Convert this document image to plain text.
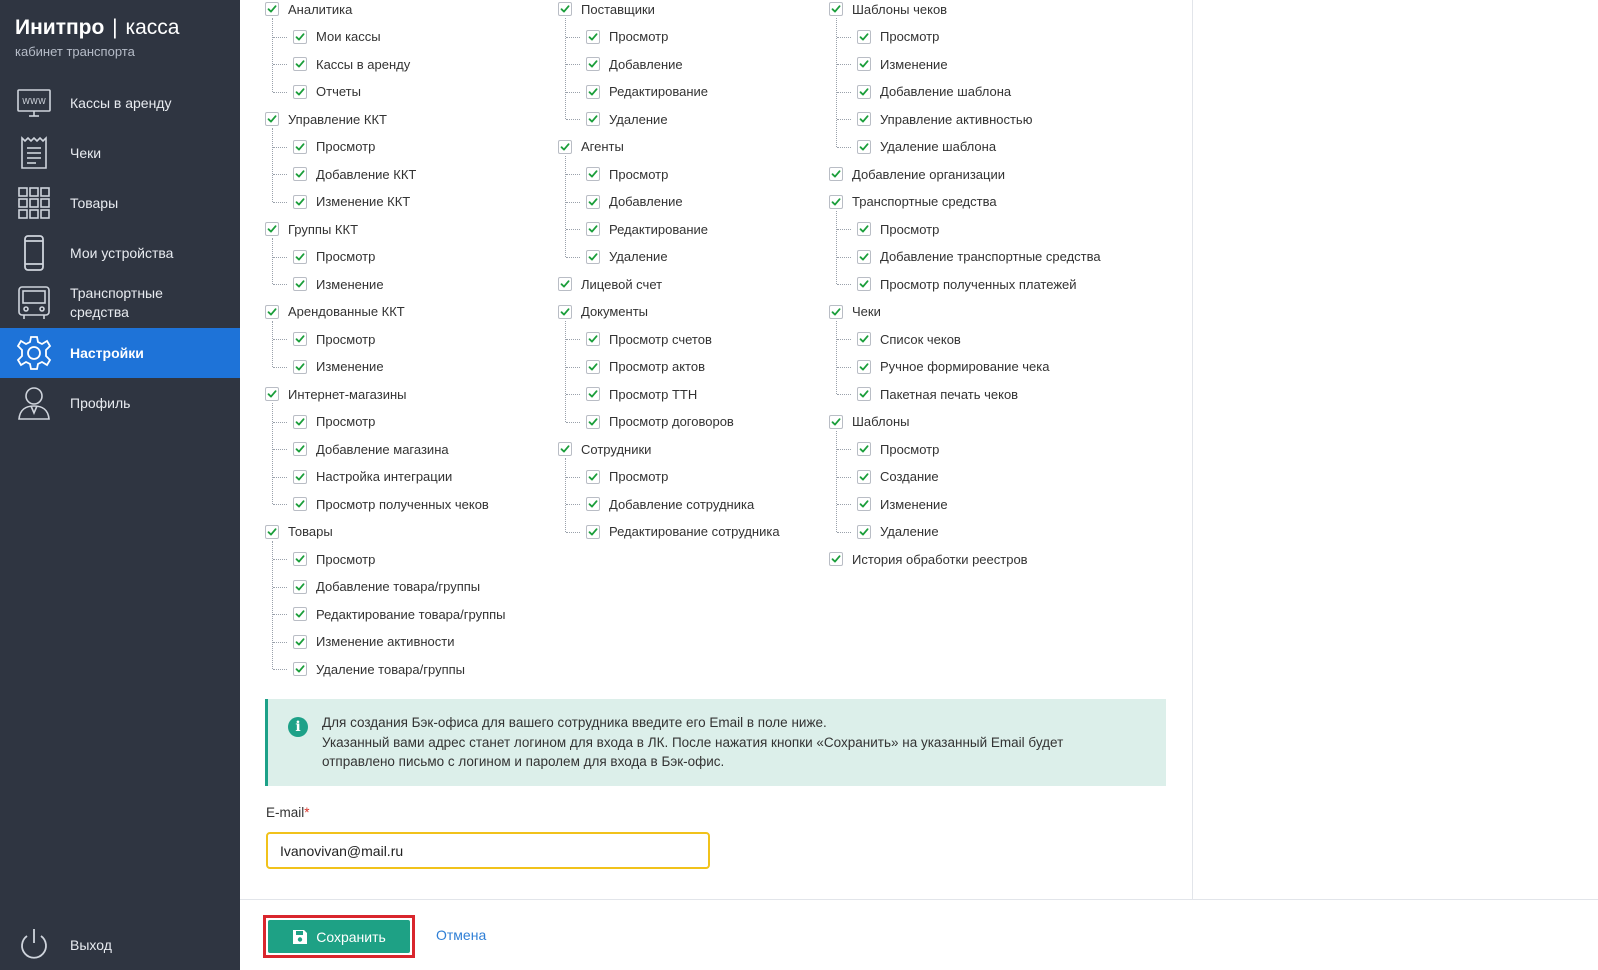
Инитпро | касса
кабинет транспорта
WWW Кассы в аренду
Чеки
Товары
Мои устройства
Транспортные средства
Настройки
Профиль
Выход
Аналитика
Мои кассы
Кассы в аренду
Отчеты
Управление ККТ
Просмотр
Добавление ККТ
Изменение ККТ
Группы ККТ
Просмотр
Изменение
Арендованные ККТ
Просмотр
Изменение
Интернет-магазины
Просмотр
Добавление магазина
Настройка интеграции
Просмотр полученных чеков
Товары
Просмотр
Добавление товара/группы
Редактирование товара/группы
Изменение активности
Удаление товара/группы
Поставщики
Просмотр
Добавление
Редактирование
Удаление
Агенты
Просмотр
Добавление
Редактирование
Удаление
Лицевой счет
Документы
Просмотр счетов
Просмотр актов
Просмотр ТТН
Просмотр договоров
Сотрудники
Просмотр
Добавление сотрудника
Редактирование сотрудника
Шаблоны чеков
Просмотр
Изменение
Добавление шаблона
Управление активностью
Удаление шаблона
Добавление организации
Транспортные средства
Просмотр
Добавление транспортные средства
Просмотр полученных платежей
Чеки
Список чеков
Ручное формирование чека
Пакетная печать чеков
Шаблоны
Просмотр
Создание
Изменение
Удаление
История обработки реестров
i	Для создания Бэк-офиса для вашего сотрудника введите его Email в поле ниже.
Указанный вами адрес станет логином для входа в ЛК. После нажатия кнопки «Сохранить» на указанный Email будет
отправлено письмо с логином и паролем для входа в Бэк-офис.
E-mail*
Ivanovivan@mail.ru
Сохранить	Отмена
